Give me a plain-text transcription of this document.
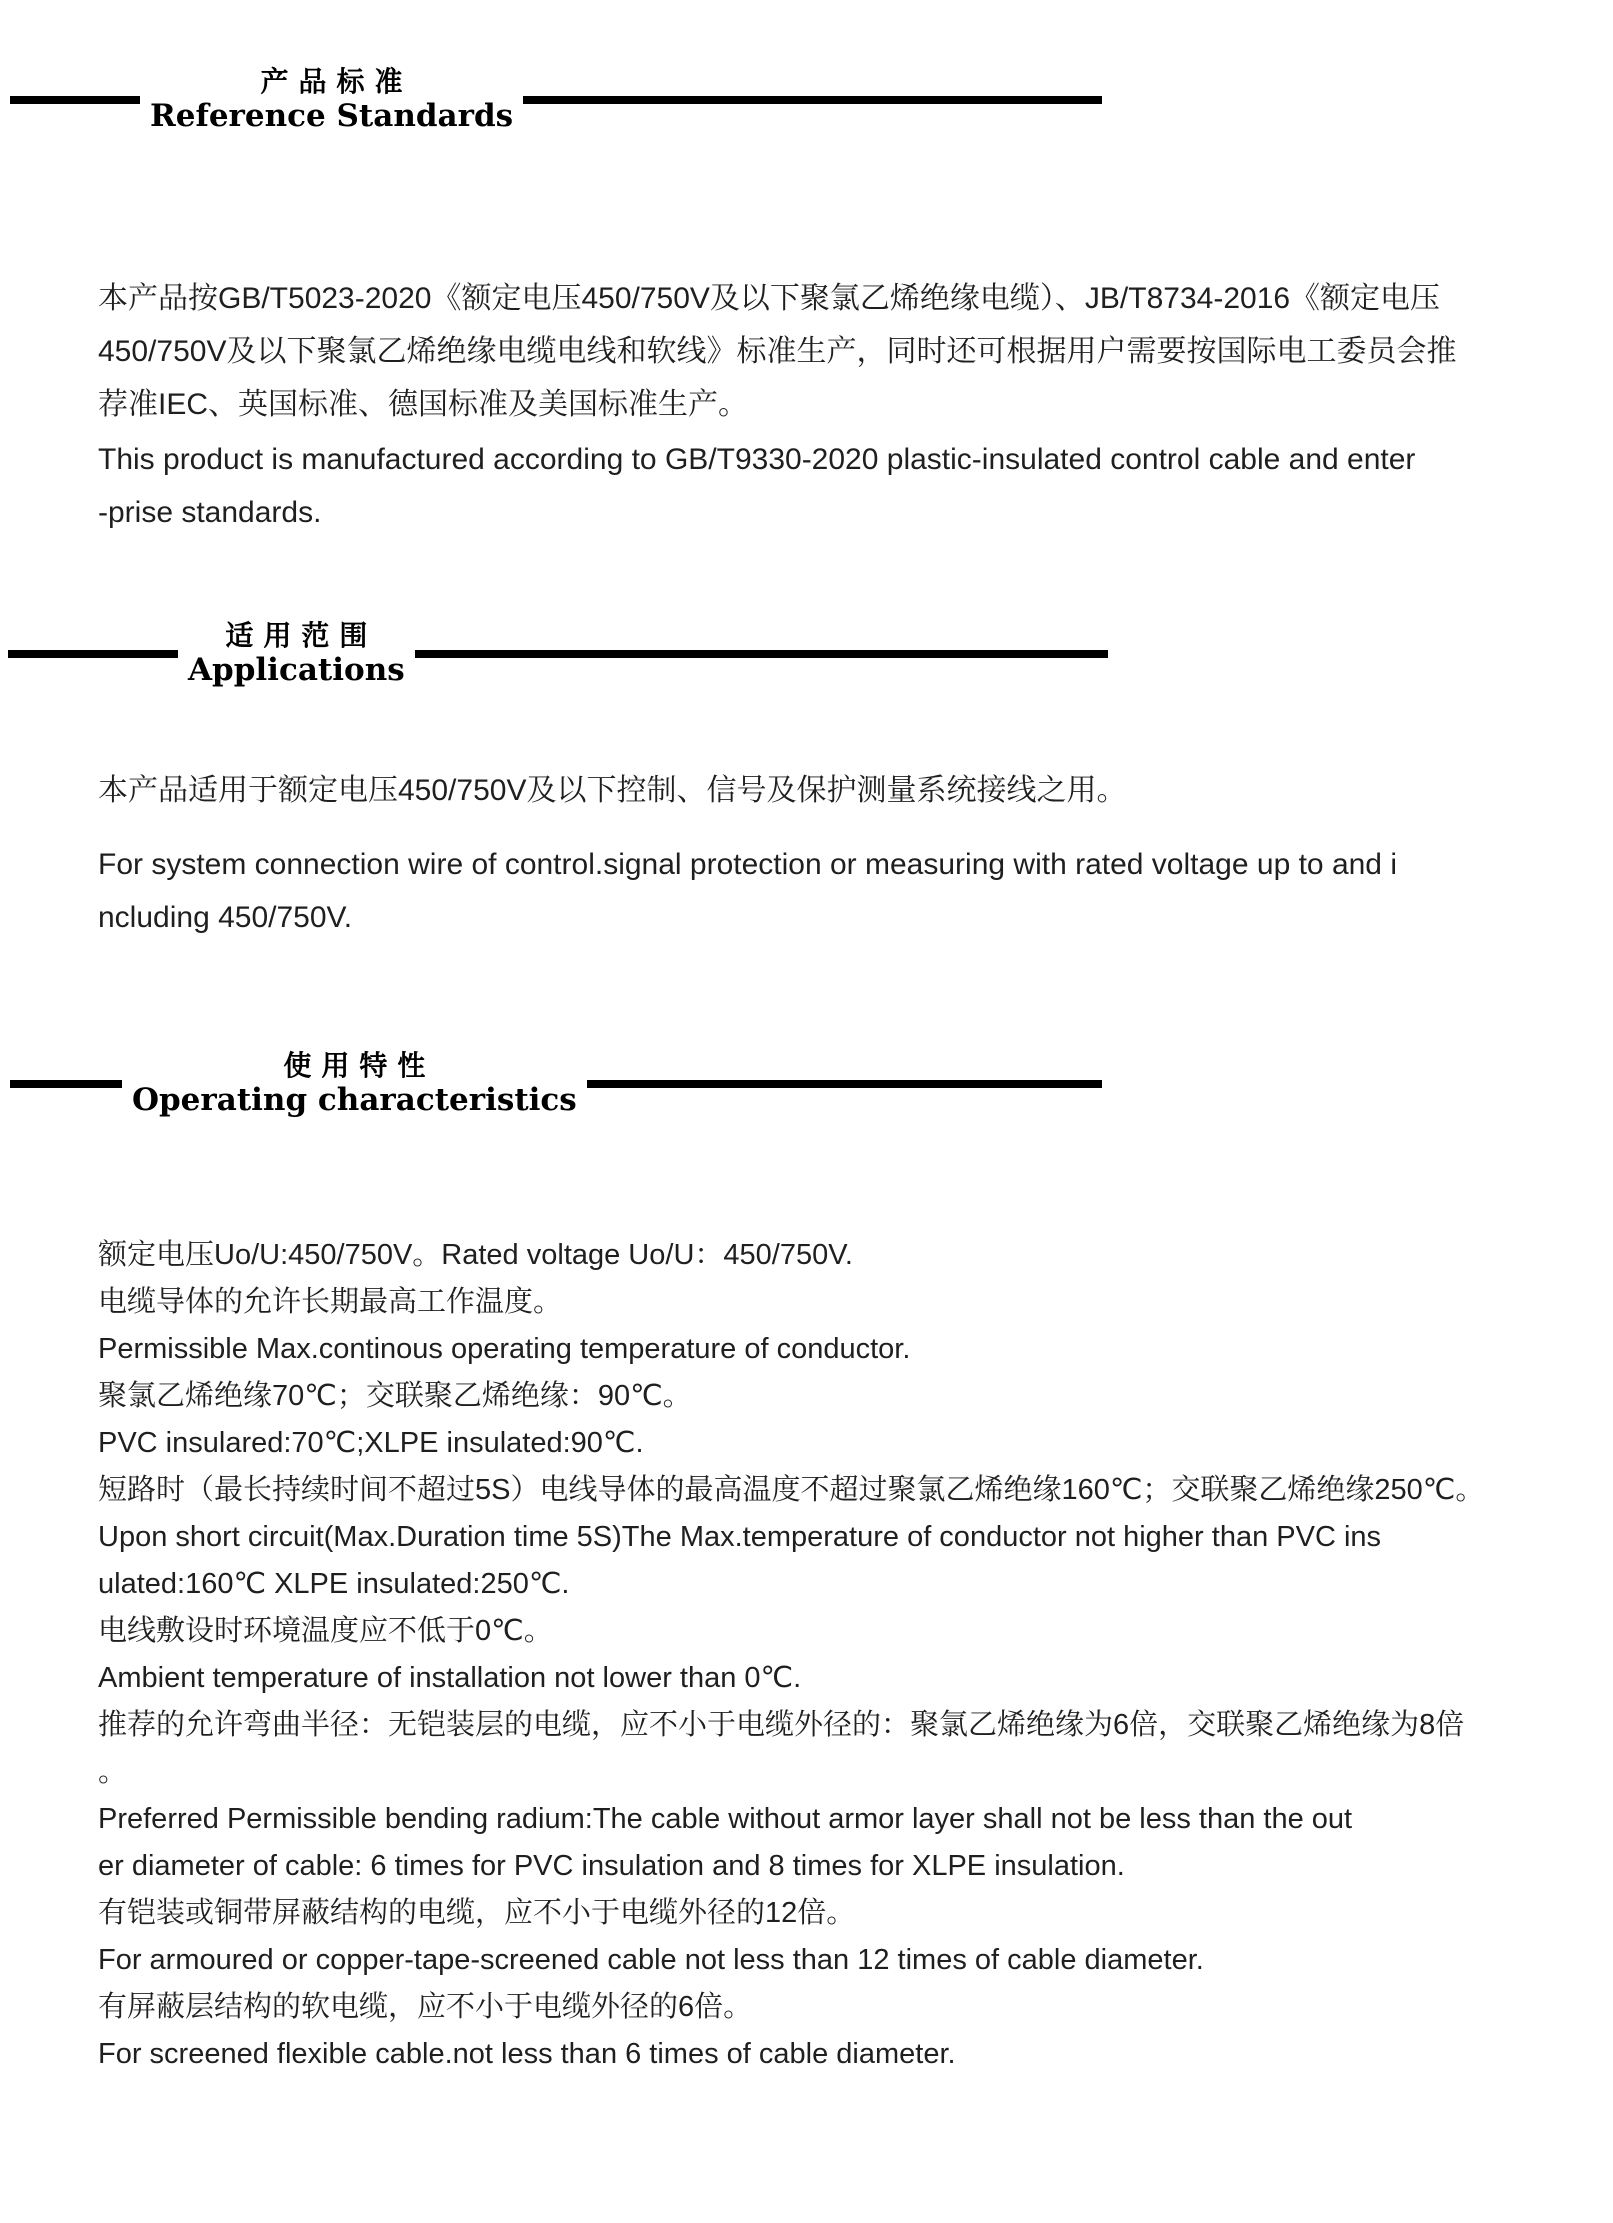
产品标准
Reference Standards
本产品按GB/T5023-2020《额定电压450/750V及以下聚氯乙烯绝缘电缆）、JB/T8734-2016《额定电压
450/750V及以下聚氯乙烯绝缘电缆电线和软线》标准生产，同时还可根据用户需要按国际电工委员会推
荐准IEC、英国标准、德国标准及美国标准生产。
This product is manufactured according to GB/T9330-2020 plastic-insulated control cable and enter
-prise standards.
适用范围
Applications
本产品适用于额定电压450/750V及以下控制、信号及保护测量系统接线之用。
For system connection wire of control.signal protection or measuring with rated voltage up to and i
ncluding 450/750V.
使用特性
Operating characteristics
额定电压Uo/U:450/750V。Rated voltage Uo/U：450/750V.
电缆导体的允许长期最高工作温度。
Permissible Max.continous operating temperature of conductor.
聚氯乙烯绝缘70℃；交联聚乙烯绝缘：90℃。
PVC insulared:70℃;XLPE insulated:90℃.
短路时（最长持续时间不超过5S）电线导体的最高温度不超过聚氯乙烯绝缘160℃；交联聚乙烯绝缘250℃。
Upon short circuit(Max.Duration time 5S)The Max.temperature of conductor not higher than PVC ins
ulated:160℃ XLPE insulated:250℃.
电线敷设时环境温度应不低于0℃。
Ambient temperature of installation not lower than 0℃.
推荐的允许弯曲半径：无铠装层的电缆，应不小于电缆外径的：聚氯乙烯绝缘为6倍，交联聚乙烯绝缘为8倍
。
Preferred Permissible bending radium:The cable without armor layer shall not be less than the out
er diameter of cable: 6 times for PVC insulation and 8 times for XLPE insulation.
有铠装或铜带屏蔽结构的电缆，应不小于电缆外径的12倍。
For armoured or copper-tape-screened cable not less than 12 times of cable diameter.
有屏蔽层结构的软电缆，应不小于电缆外径的6倍。
For screened flexible cable.not less than 6 times of cable diameter.
